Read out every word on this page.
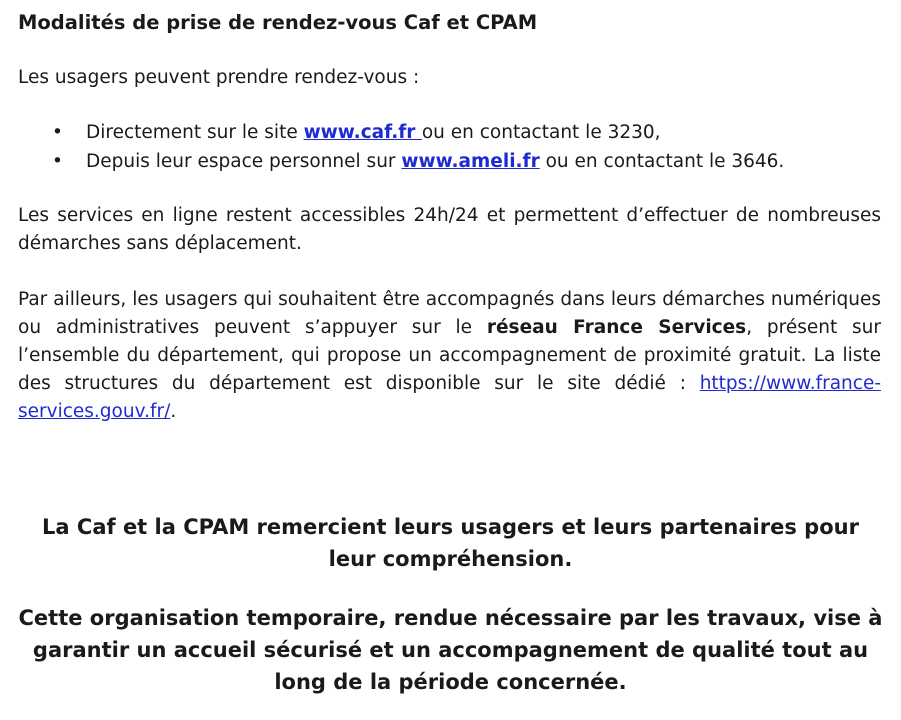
Modalités de prise de rendez-vous Caf et CPAM

Les usagers peuvent prendre rendez-vous :

• Directement sur le site www.caf.fr ou en contactant le 3230,
• Depuis leur espace personnel sur www.ameli.fr ou en contactant le 3646.

Les services en ligne restent accessibles 24h/24 et permettent d’effectuer de nombreuses démarches sans déplacement.

Par ailleurs, les usagers qui souhaitent être accompagnés dans leurs démarches numériques ou administratives peuvent s’appuyer sur le réseau France Services, présent sur l’ensemble du département, qui propose un accompagnement de proximité gratuit. La liste des structures du département est disponible sur le site dédié : https://www.france-services.gouv.fr/.

La Caf et la CPAM remercient leurs usagers et leurs partenaires pour leur compréhension.

Cette organisation temporaire, rendue nécessaire par les travaux, vise à garantir un accueil sécurisé et un accompagnement de qualité tout au long de la période concernée.
